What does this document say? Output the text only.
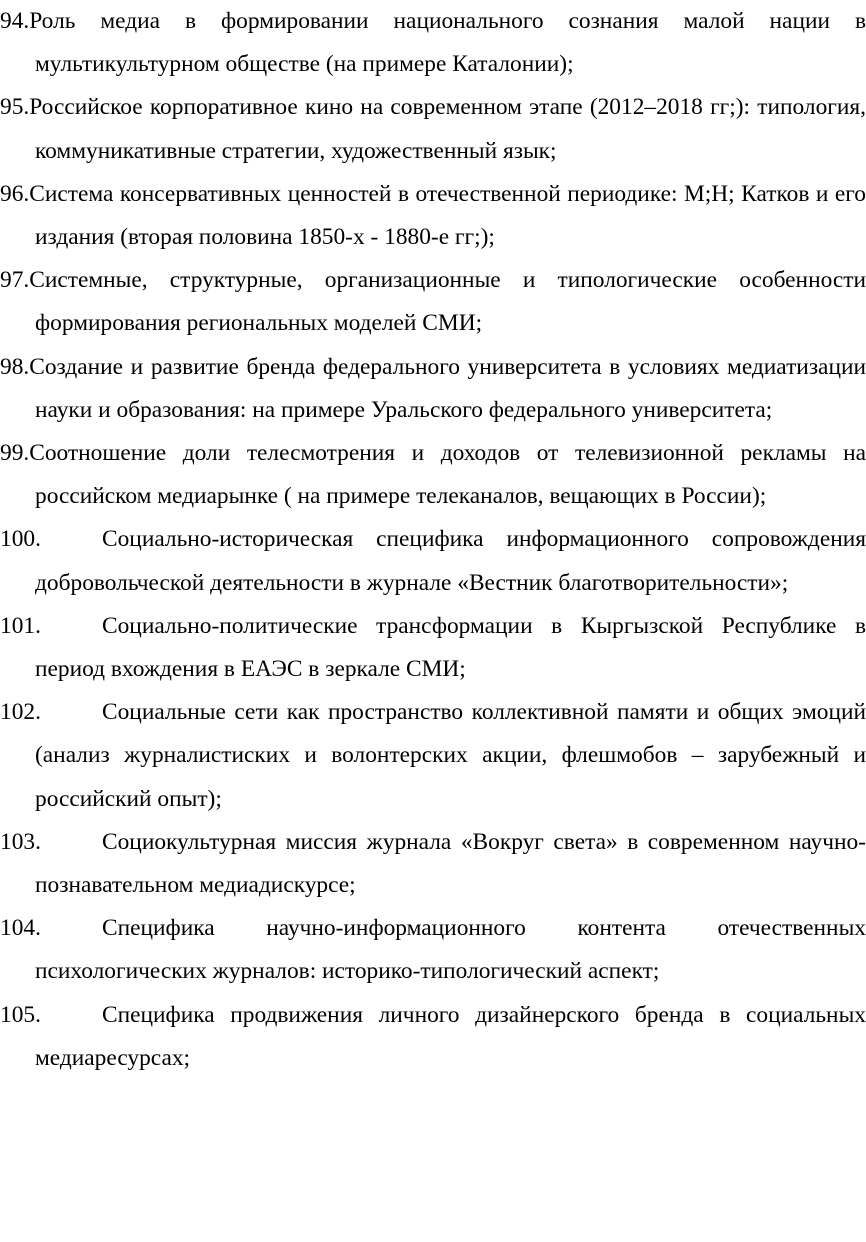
94.Роль медиа в формировании национального сознания малой нации в мультикультурном обществе (на примере Каталонии);

95.Российское корпоративное кино на современном этапе (2012–2018 гг;): типология, коммуникативные стратегии, художественный язык;

96.Система консервативных ценностей в отечественной периодике: М;Н; Катков и его издания (вторая половина 1850-х - 1880-е гг;);

97.Системные, структурные, организационные и типологические особенности формирования региональных моделей СМИ;

98.Создание и развитие бренда федерального университета в условиях медиатизации науки и образования: на примере Уральского федерального университета;

99.Соотношение доли телесмотрения и доходов от телевизионной рекламы на российском медиарынке ( на примере телеканалов, вещающих в России);

100.	Социально-историческая специфика информационного сопровождения добровольческой деятельности в журнале «Вестник благотворительности»;

101.	Социально-политические трансформации в Кыргызской Республике в период вхождения в ЕАЭС в зеркале СМИ;

102.	Социальные сети как пространство коллективной памяти и общих эмоций (анализ журналистиских и волонтерских акции, флешмобов – зарубежный и российский опыт);

103.	Социокультурная миссия журнала «Вокруг света» в современном научно-познавательном медиадискурсе;

104.	Специфика научно-информационного контента отечественных психологических журналов: историко-типологический аспект;

105.	Специфика продвижения личного дизайнерского бренда в социальных медиаресурсах;
